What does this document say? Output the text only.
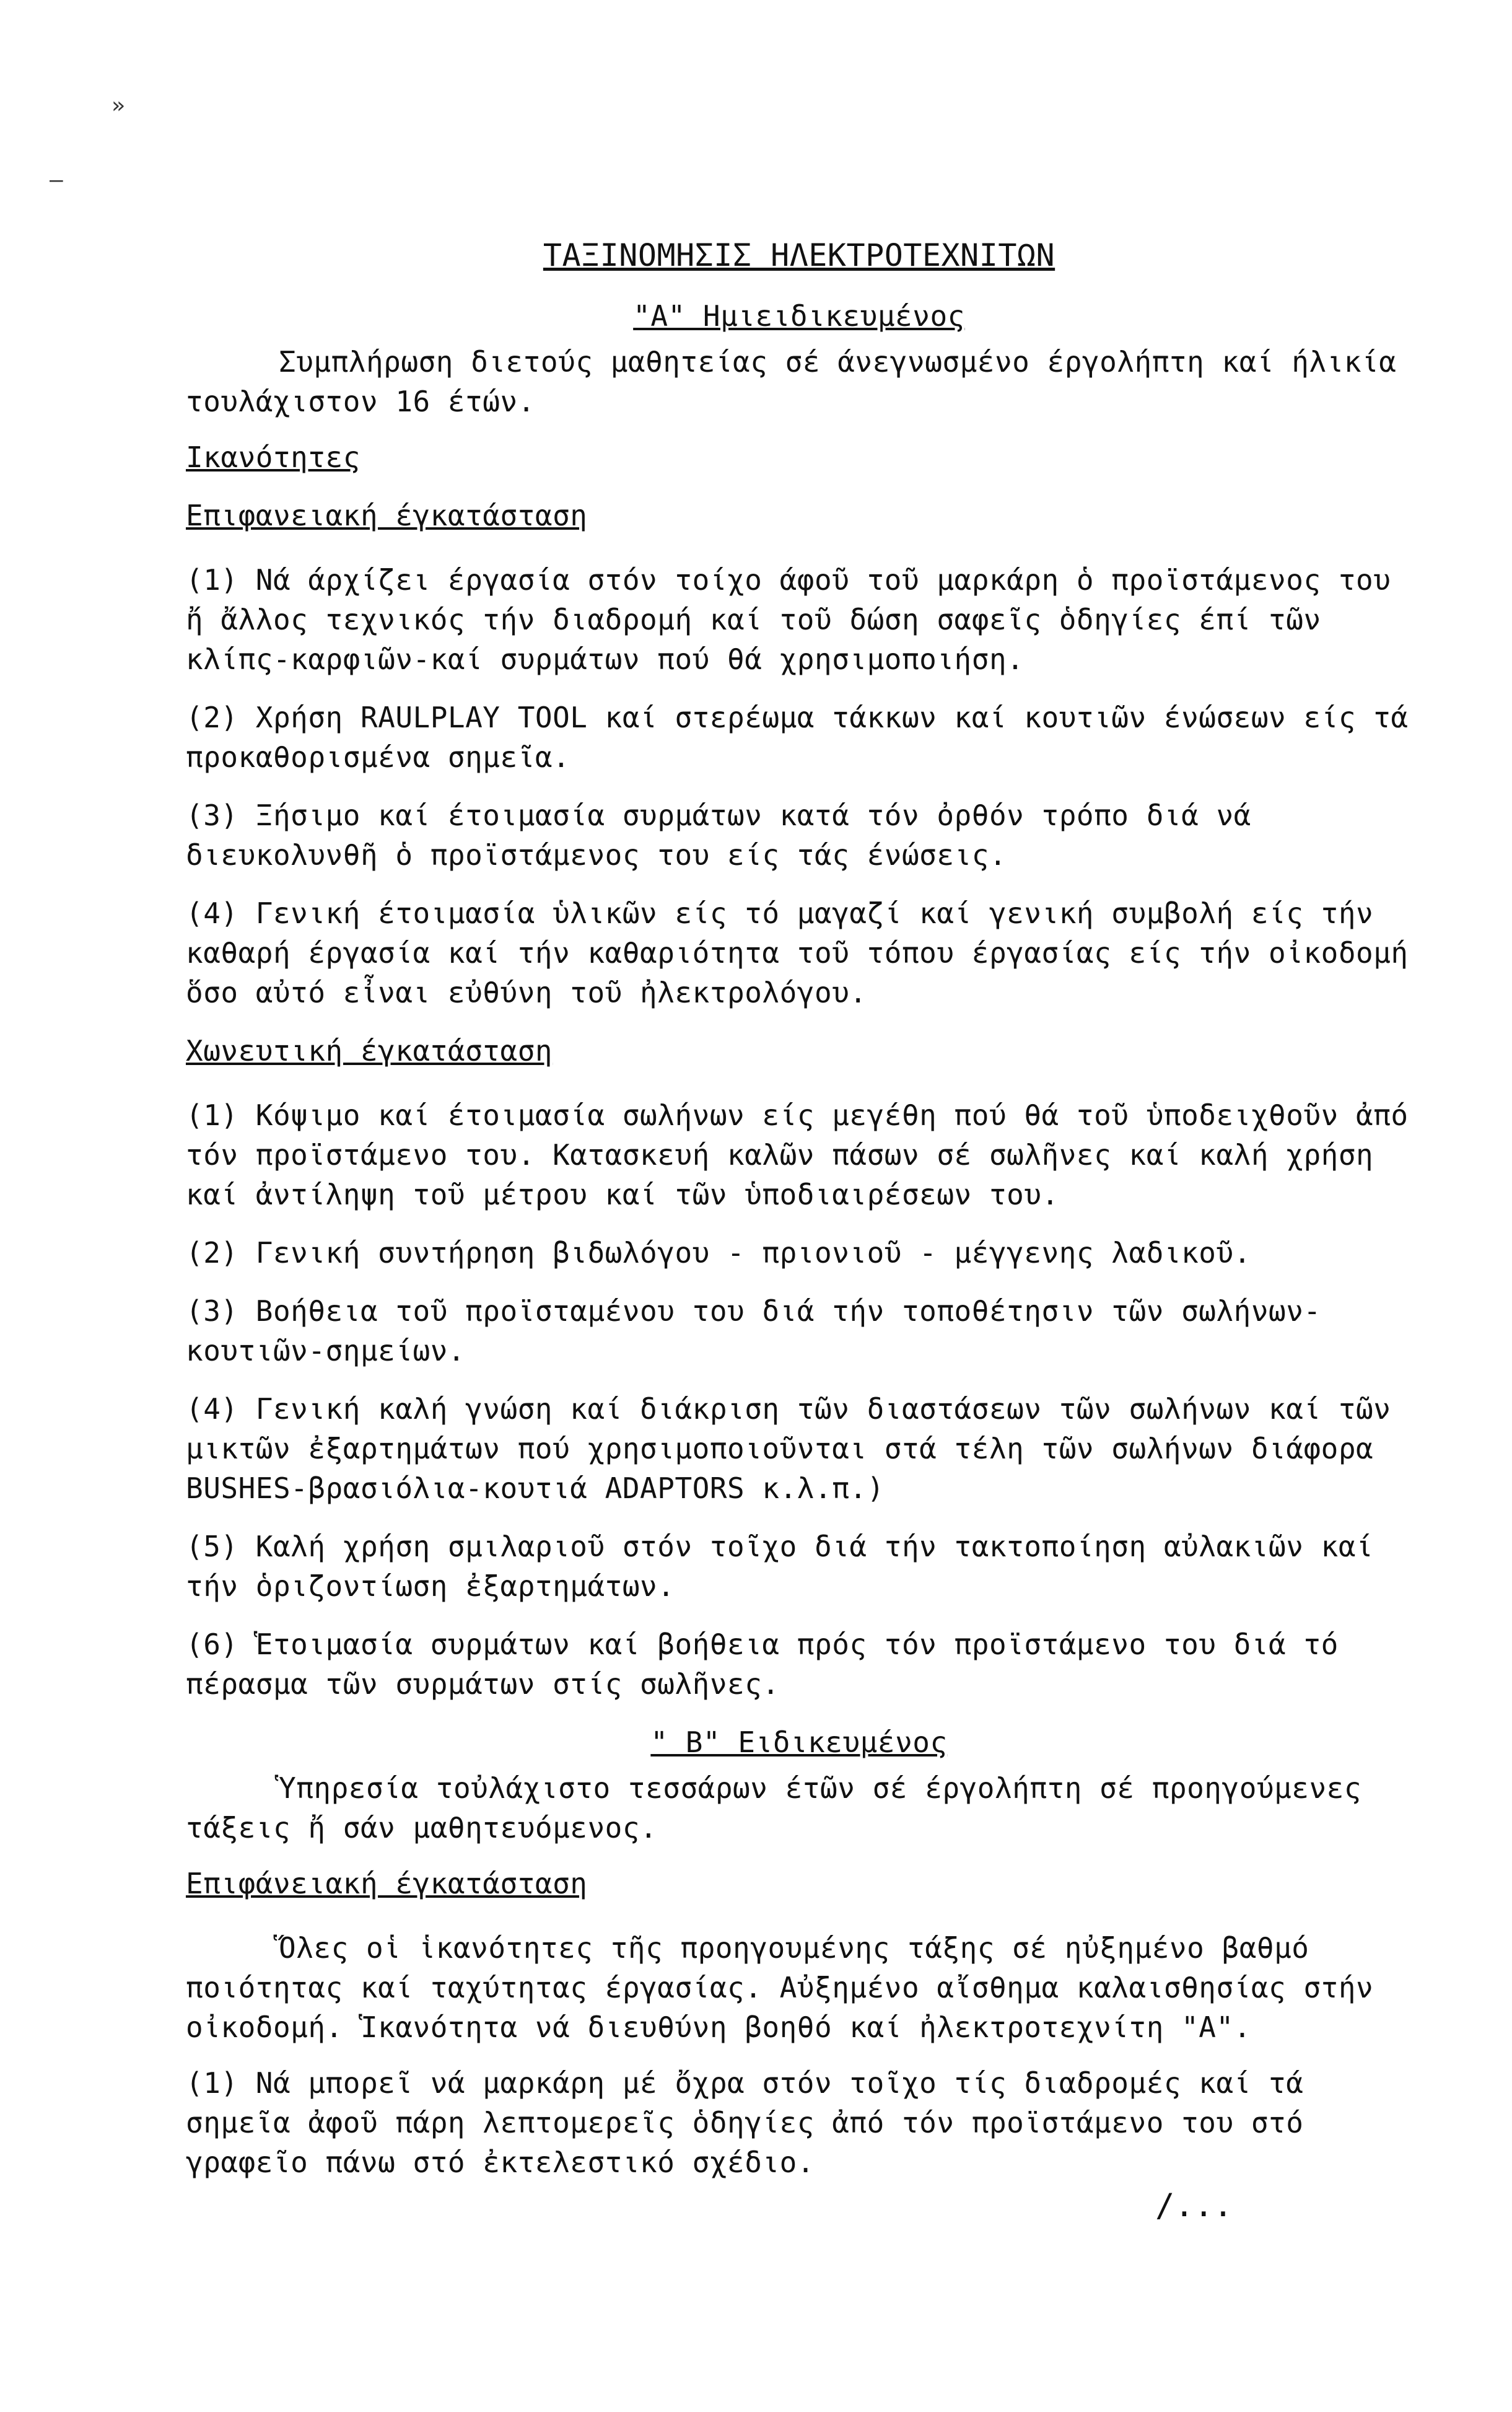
»
—
ΤΑΞΙΝΟΜΗΣΙΣ ΗΛΕΚΤΡΟΤΕΧΝΙΤΩΝ
"Α" Ημιειδικευμένος
Συμπλήρωση διετούς μαθητείας σέ άνεγνωσμένο έργολήπτη καί ήλικία τουλάχιστον 16 έτών.
Ικανότητες
Επιφανειακή έγκατάσταση
(1) Νά άρχίζει έργασία στόν τοίχο άφοῦ τοῦ μαρκάρη ὁ προϊστάμενος του ἤ ἄλλος τεχνικός τήν διαδρομή καί τοῦ δώση σαφεῖς ὁδηγίες έπί τῶν κλίπς-καρφιῶν-καί συρμάτων πού θά χρησιμοποιήση.
(2) Χρήση RAULPLAY TOOL καί στερέωμα τάκκων καί κουτιῶν ένώσεων είς τά προκαθορισμένα σημεῖα.
(3) Ξήσιμο καί έτοιμασία συρμάτων κατά τόν ὀρθόν τρόπο διά νά διευκολυνθῆ ὁ προϊστάμενος του είς τάς ένώσεις.
(4) Γενική έτοιμασία ὑλικῶν είς τό μαγαζί καί γενική συμβολή είς τήν καθαρή έργασία καί τήν καθαριότητα τοῦ τόπου έργασίας είς τήν οἰκοδομή ὅσο αὐτό εἶναι εὐθύνη τοῦ ἠλεκτρολόγου.
Χωνευτική έγκατάσταση
(1) Κόψιμο καί έτοιμασία σωλήνων είς μεγέθη πού θά τοῦ ὑποδειχθοῦν ἀπό τόν προϊστάμενο του. Κατασκευή καλῶν πάσων σέ σωλῆνες καί καλή χρήση καί ἀντίληψη τοῦ μέτρου καί τῶν ὑποδιαιρέσεων του.
(2) Γενική συντήρηση βιδωλόγου - πριονιοῦ - μέγγενης λαδικοῦ.
(3) Βοήθεια τοῦ προϊσταμένου του διά τήν τοποθέτησιν τῶν σωλήνων-κουτιῶν-σημείων.
(4) Γενική καλή γνώση καί διάκριση τῶν διαστάσεων τῶν σωλήνων καί τῶν μικτῶν ἐξαρτημάτων πού χρησιμοποιοῦνται στά τέλη τῶν σωλήνων διάφορα BUSHES-βρασιόλια-κουτιά ADAPTORS κ.λ.π.)
(5) Καλή χρήση σμιλαριοῦ στόν τοῖχο διά τήν τακτοποίηση αὐλακιῶν καί τήν ὁριζοντίωση ἐξαρτημάτων.
(6) Ἑτοιμασία συρμάτων καί βοήθεια πρός τόν προϊστάμενο του διά τό πέρασμα τῶν συρμάτων στίς σωλῆνες.
" Β" Ειδικευμένος
Ὑπηρεσία τοὐλάχιστο τεσσάρων έτῶν σέ έργολήπτη σέ προηγούμενες τάξεις ἤ σάν μαθητευόμενος.
Επιφάνειακή έγκατάσταση
Ὅλες οἱ ἱκανότητες τῆς προηγουμένης τάξης σέ ηὐξημένο βαθμό ποιότητας καί ταχύτητας έργασίας. Αὐξημένο αἴσθημα καλαισθησίας στήν οἰκοδομή. Ἱκανότητα νά διευθύνη βοηθό καί ἠλεκτροτεχνίτη "Α".
(1) Νά μπορεῖ νά μαρκάρη μέ ὄχρα στόν τοῖχο τίς διαδρομές καί τά σημεῖα ἀφοῦ πάρη λεπτομερεῖς ὁδηγίες ἀπό τόν προϊστάμενο του στό γραφεῖο πάνω στό ἐκτελεστικό σχέδιο.
/...
